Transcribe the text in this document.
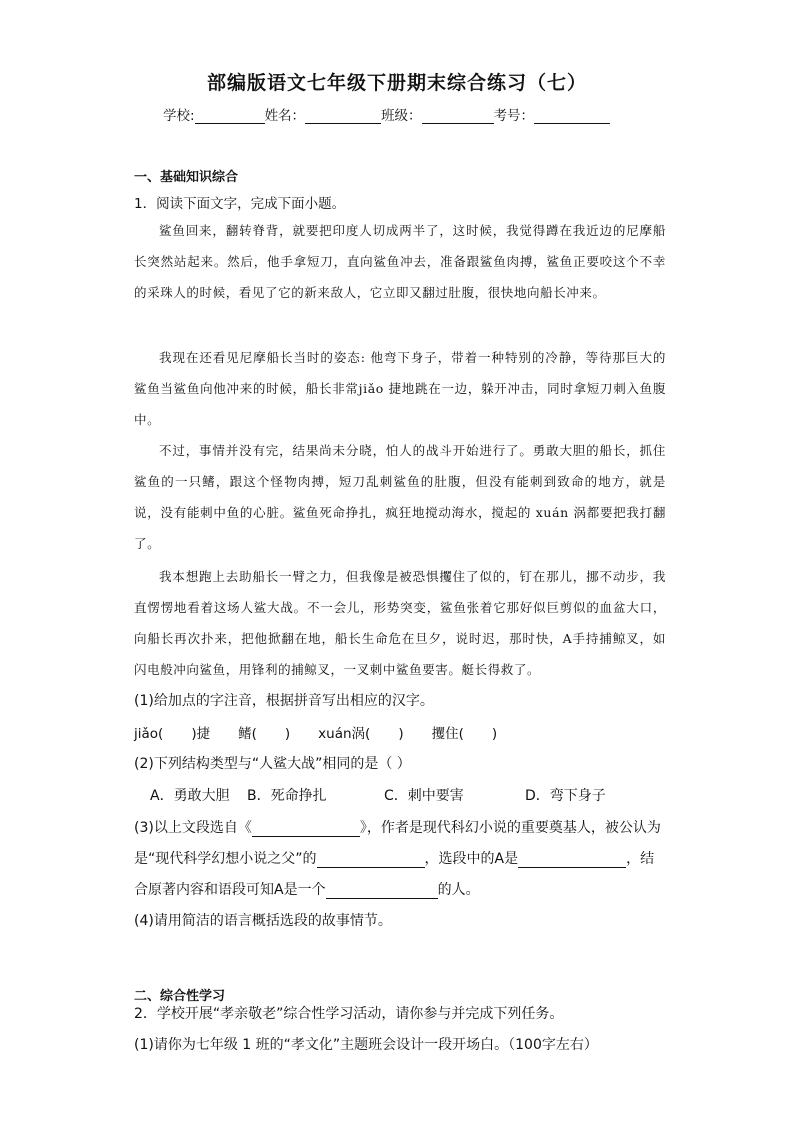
部编版语文七年级下册期末综合练习（七）
学校:	姓名：	班级：	考号：
一、基础知识综合
1．阅读下面文字，完成下面小题。
鲨鱼回来，翻转脊背，就要把印度人切成两半了，这时候，我觉得蹲在我近边的尼摩船长突然站起来。然后，他手拿短刀，直向鲨鱼冲去，准备跟鲨鱼肉搏，鲨鱼正要咬这个不幸的采珠人的时候，看见了它的新来敌人，它立即又翻过肚腹，很快地向船长冲来。
我现在还看见尼摩船长当时的姿态: 他弯下身子，带着一种特别的冷静，等待那巨大的鲨鱼当鲨鱼向他冲来的时候，船长非常jiǎo 捷地跳在一边，躲开冲击，同时拿短刀刺入鱼腹中。
不过，事情并没有完，结果尚未分晓，怕人的战斗开始进行了。勇敢大胆的船长，抓住鲨鱼的一只鳍，跟这个怪物肉搏，短刀乱刺鲨鱼的肚腹，但没有能刺到致命的地方，就是说，没有能刺中鱼的心脏。鲨鱼死命挣扎，疯狂地搅动海水，搅起的 xuán 涡都要把我打翻了。
我本想跑上去助船长一臂之力，但我像是被恐惧攫住了似的，钉在那儿，挪不动步，我直愣愣地看着这场人鲨大战。不一会儿，形势突变，鲨鱼张着它那好似巨剪似的血盆大口，向船长再次扑来，把他掀翻在地，船长生命危在旦夕，说时迟，那时快，A手持捕鲸叉，如闪电般冲向鲨鱼，用锋利的捕鲸叉，一叉刺中鲨鱼要害。艇长得救了。
(1)给加点的字注音，根据拼音写出相应的汉字。
jiǎo( )捷 鳍( ) xuán涡( ) 攫住( )
(2)下列结构类型与“人鲨大战”相同的是（ ）
A．勇敢大胆 B．死命挣扎	C．刺中要害	D．弯下身子
(3)以上文段选自《	》，作者是现代科幻小说的重要奠基人，被公认为
是“现代科学幻想小说之父”的	，选段中的A是	，结
合原著内容和语段可知A是一个	的人。
(4)请用简洁的语言概括选段的故事情节。
二、综合性学习
2．学校开展“孝亲敬老”综合性学习活动，请你参与并完成下列任务。
(1)请你为七年级 1 班的“孝文化”主题班会设计一段开场白。（100字左右）
